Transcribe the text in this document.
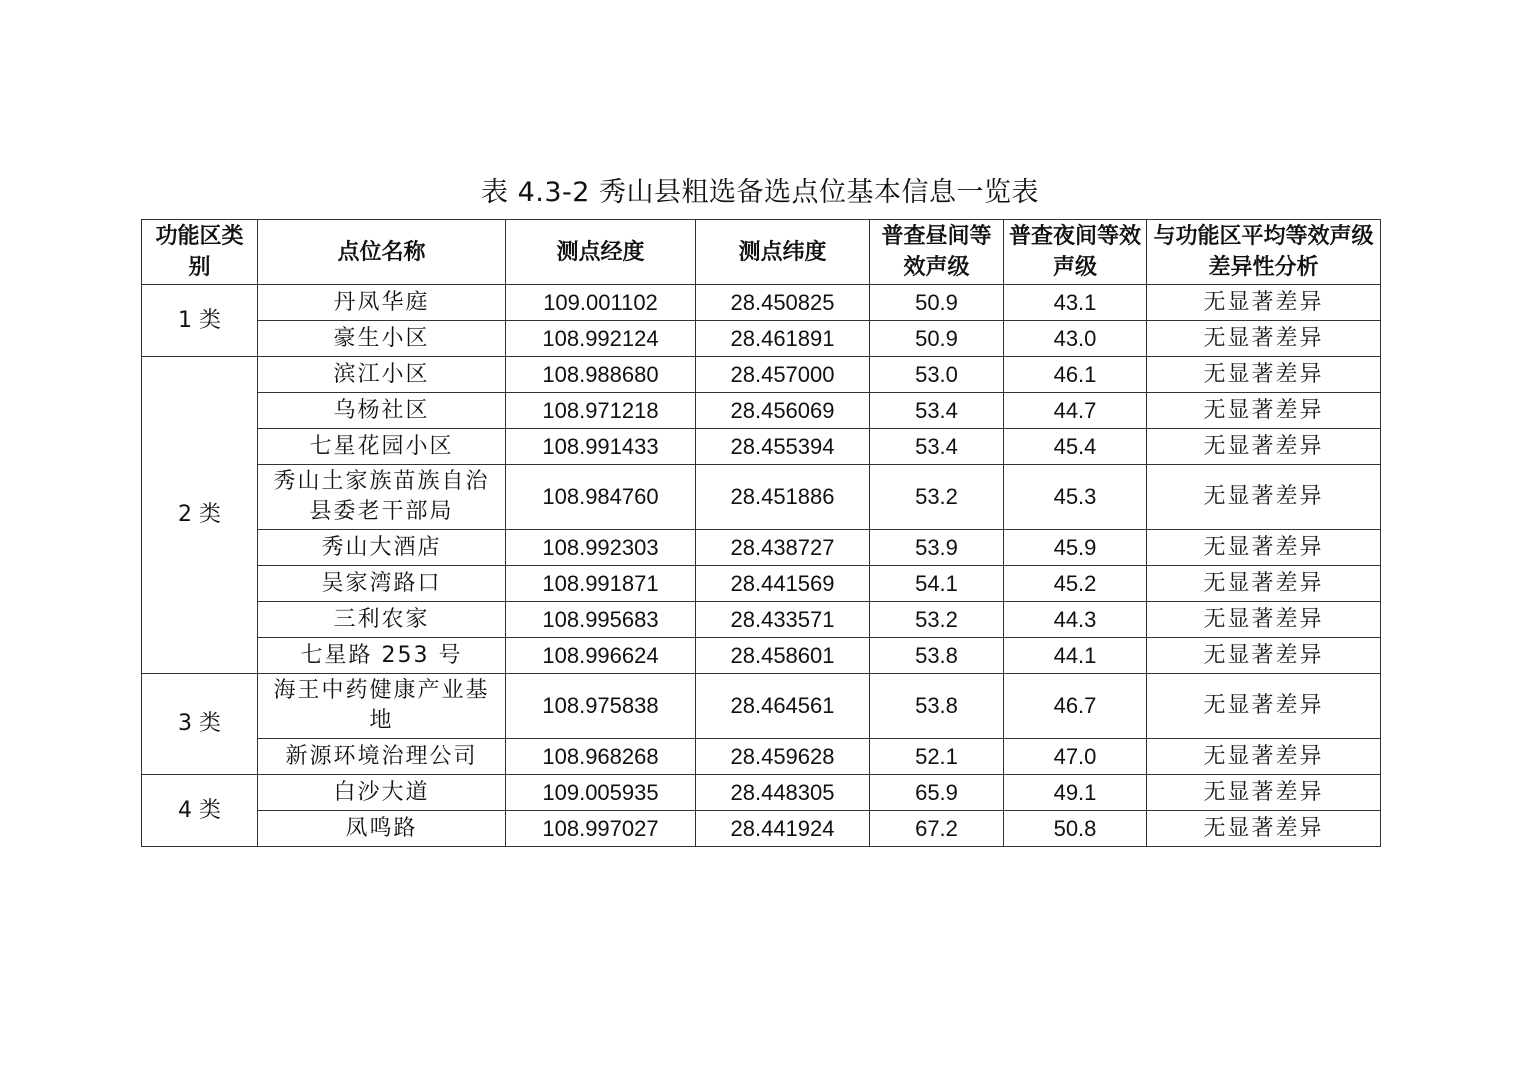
表 4.3-2 秀山县粗选备选点位基本信息一览表
功能区类别	点位名称	测点经度	测点纬度	普查昼间等效声级	普查夜间等效声级	与功能区平均等效声级差异性分析
1 类	丹凤华庭	109.001102	28.450825	50.9	43.1	无显著差异
	豪生小区	108.992124	28.461891	50.9	43.0	无显著差异
2 类	滨江小区	108.988680	28.457000	53.0	46.1	无显著差异
	乌杨社区	108.971218	28.456069	53.4	44.7	无显著差异
	七星花园小区	108.991433	28.455394	53.4	45.4	无显著差异
	秀山土家族苗族自治县委老干部局	108.984760	28.451886	53.2	45.3	无显著差异
	秀山大酒店	108.992303	28.438727	53.9	45.9	无显著差异
	吴家湾路口	108.991871	28.441569	54.1	45.2	无显著差异
	三利农家	108.995683	28.433571	53.2	44.3	无显著差异
	七星路 253 号	108.996624	28.458601	53.8	44.1	无显著差异
3 类	海王中药健康产业基地	108.975838	28.464561	53.8	46.7	无显著差异
	新源环境治理公司	108.968268	28.459628	52.1	47.0	无显著差异
4 类	白沙大道	109.005935	28.448305	65.9	49.1	无显著差异
	凤鸣路	108.997027	28.441924	67.2	50.8	无显著差异
